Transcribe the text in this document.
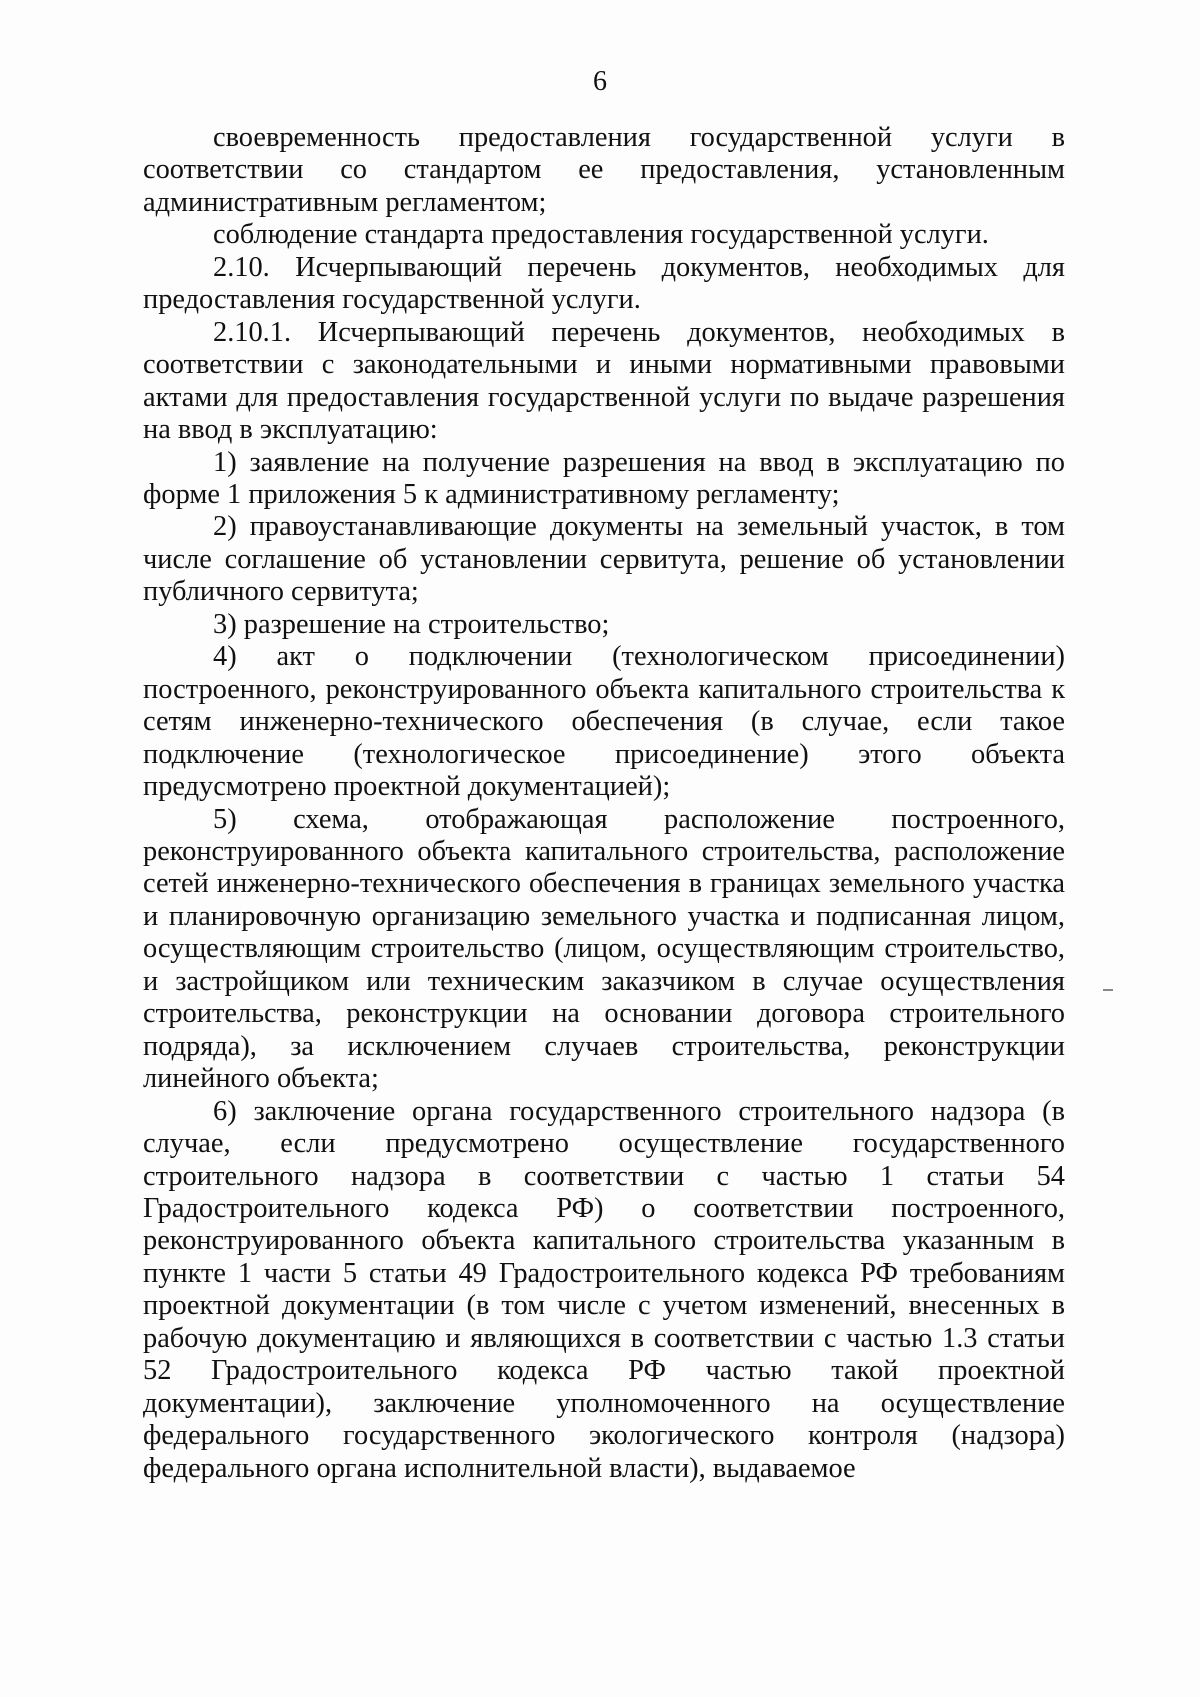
6

своевременность предоставления государственной услуги в соответствии со стандартом ее предоставления, установленным административным регламентом;

соблюдение стандарта предоставления государственной услуги.

2.10. Исчерпывающий перечень документов, необходимых для предоставления государственной услуги.

2.10.1. Исчерпывающий перечень документов, необходимых в соответствии с законодательными и иными нормативными правовыми актами для предоставления государственной услуги по выдаче разрешения на ввод в эксплуатацию:

1) заявление на получение разрешения на ввод в эксплуатацию по форме 1 приложения 5 к административному регламенту;

2) правоустанавливающие документы на земельный участок, в том числе соглашение об установлении сервитута, решение об установлении публичного сервитута;

3) разрешение на строительство;

4) акт о подключении (технологическом присоединении) построенного, реконструированного объекта капитального строительства к сетям инженерно-технического обеспечения (в случае, если такое подключение (технологическое присоединение) этого объекта предусмотрено проектной документацией);

5) схема, отображающая расположение построенного, реконструированного объекта капитального строительства, расположение сетей инженерно-технического обеспечения в границах земельного участка и планировочную организацию земельного участка и подписанная лицом, осуществляющим строительство (лицом, осуществляющим строительство, и застройщиком или техническим заказчиком в случае осуществления строительства, реконструкции на основании договора строительного подряда), за исключением случаев строительства, реконструкции линейного объекта;

6) заключение органа государственного строительного надзора (в случае, если предусмотрено осуществление государственного строительного надзора в соответствии с частью 1 статьи 54 Градостроительного кодекса РФ) о соответствии построенного, реконструированного объекта капитального строительства указанным в пункте 1 части 5 статьи 49 Градостроительного кодекса РФ требованиям проектной документации (в том числе с учетом изменений, внесенных в рабочую документацию и являющихся в соответствии с частью 1.3 статьи 52 Градостроительного кодекса РФ частью такой проектной документации), заключение уполномоченного на осуществление федерального государственного экологического контроля (надзора) федерального органа исполнительной власти), выдаваемое
